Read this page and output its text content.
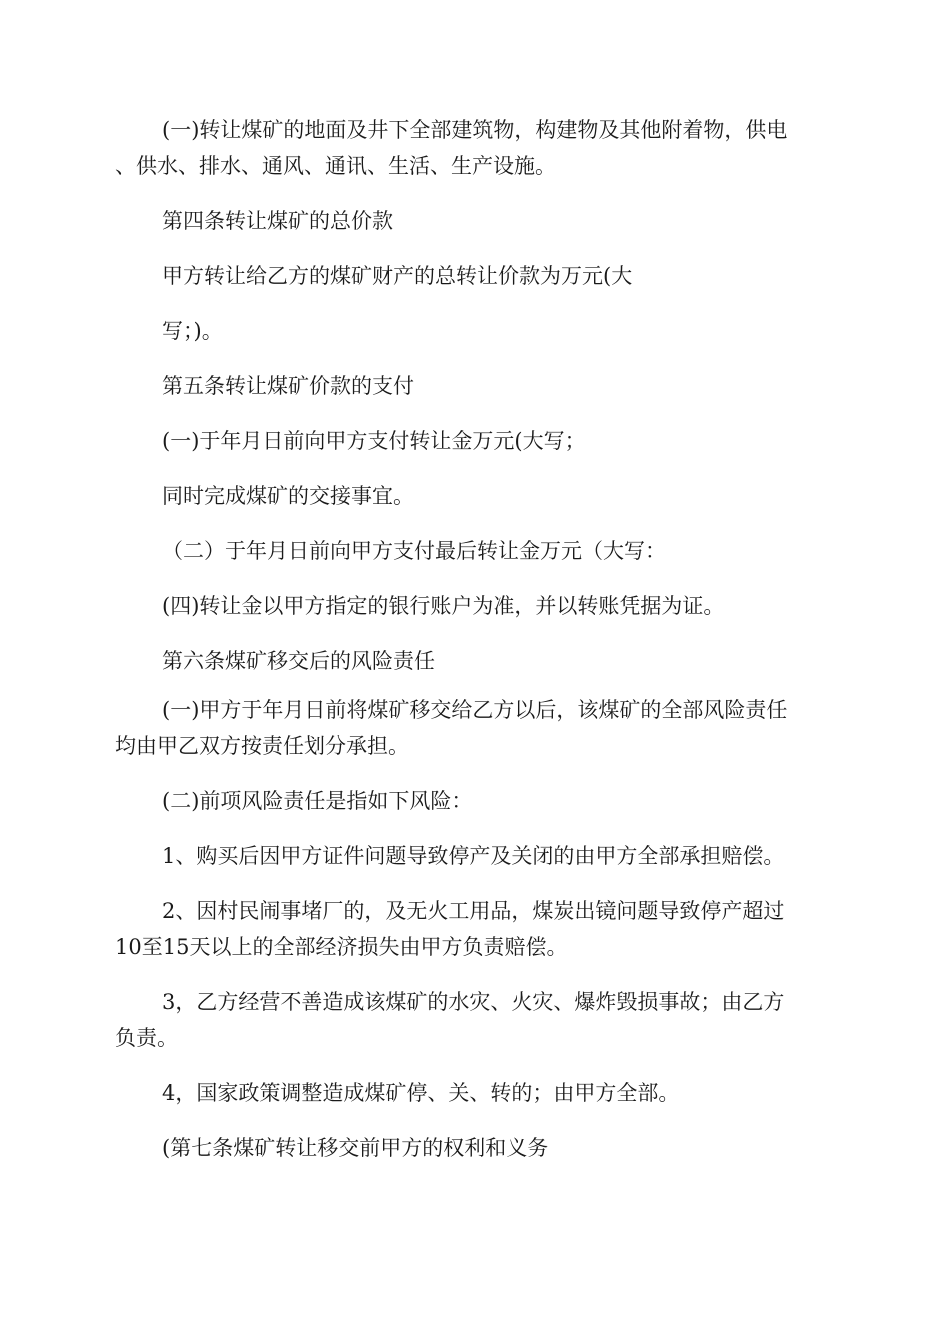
(一)转让煤矿的地面及井下全部建筑物，构建物及其他附着物，供电
、供水、排水、通风、通讯、生活、生产设施。
第四条转让煤矿的总价款
甲方转让给乙方的煤矿财产的总转让价款为万元(大
写；)。
第五条转让煤矿价款的支付
(一)于年月日前向甲方支付转让金万元(大写；
同时完成煤矿的交接事宜。
（二）于年月日前向甲方支付最后转让金万元（大写：
(四)转让金以甲方指定的银行账户为准，并以转账凭据为证。
第六条煤矿移交后的风险责任
(一)甲方于年月日前将煤矿移交给乙方以后，该煤矿的全部风险责任
均由甲乙双方按责任划分承担。
(二)前项风险责任是指如下风险：
1、购买后因甲方证件问题导致停产及关闭的由甲方全部承担赔偿。
2、因村民闹事堵厂的，及无火工用品，煤炭出镜问题导致停产超过
10至15天以上的全部经济损失由甲方负责赔偿。
3，乙方经营不善造成该煤矿的水灾、火灾、爆炸毁损事故；由乙方
负责。
4，国家政策调整造成煤矿停、关、转的；由甲方全部。
(第七条煤矿转让移交前甲方的权利和义务
